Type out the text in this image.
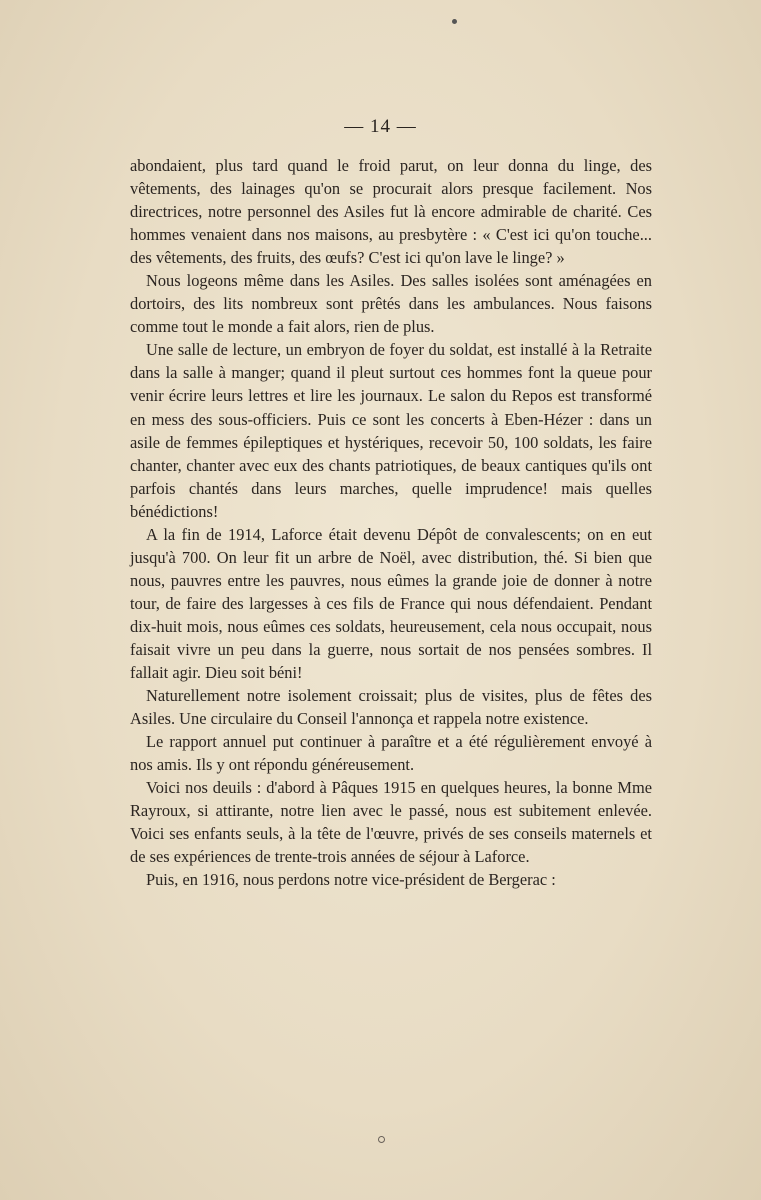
— 14 —

abondaient, plus tard quand le froid parut, on leur donna du linge, des vêtements, des lainages qu'on se procurait alors presque facilement. Nos directrices, notre personnel des Asiles fut là encore admirable de charité. Ces hommes venaient dans nos maisons, au presbytère : « C'est ici qu'on touche... des vêtements, des fruits, des œufs? C'est ici qu'on lave le linge? »

Nous logeons même dans les Asiles. Des salles isolées sont aménagées en dortoirs, des lits nombreux sont prêtés dans les ambulances. Nous faisons comme tout le monde a fait alors, rien de plus.

Une salle de lecture, un embryon de foyer du soldat, est installé à la Retraite dans la salle à manger; quand il pleut surtout ces hommes font la queue pour venir écrire leurs lettres et lire les journaux. Le salon du Repos est transformé en mess des sous-officiers. Puis ce sont les concerts à Eben-Hézer : dans un asile de femmes épileptiques et hystériques, recevoir 50, 100 soldats, les faire chanter, chanter avec eux des chants patriotiques, de beaux cantiques qu'ils ont parfois chantés dans leurs marches, quelle imprudence! mais quelles bénédictions!

A la fin de 1914, Laforce était devenu Dépôt de convalescents; on en eut jusqu'à 700. On leur fit un arbre de Noël, avec distribution, thé. Si bien que nous, pauvres entre les pauvres, nous eûmes la grande joie de donner à notre tour, de faire des largesses à ces fils de France qui nous défendaient. Pendant dix-huit mois, nous eûmes ces soldats, heureusement, cela nous occupait, nous faisait vivre un peu dans la guerre, nous sortait de nos pensées sombres. Il fallait agir. Dieu soit béni!

Naturellement notre isolement croissait; plus de visites, plus de fêtes des Asiles. Une circulaire du Conseil l'annonça et rappela notre existence.

Le rapport annuel put continuer à paraître et a été régulièrement envoyé à nos amis. Ils y ont répondu généreusement.

Voici nos deuils : d'abord à Pâques 1915 en quelques heures, la bonne Mme Rayroux, si attirante, notre lien avec le passé, nous est subitement enlevée. Voici ses enfants seuls, à la tête de l'œuvre, privés de ses conseils maternels et de ses expériences de trente-trois années de séjour à Laforce.

Puis, en 1916, nous perdons notre vice-président de Bergerac :
